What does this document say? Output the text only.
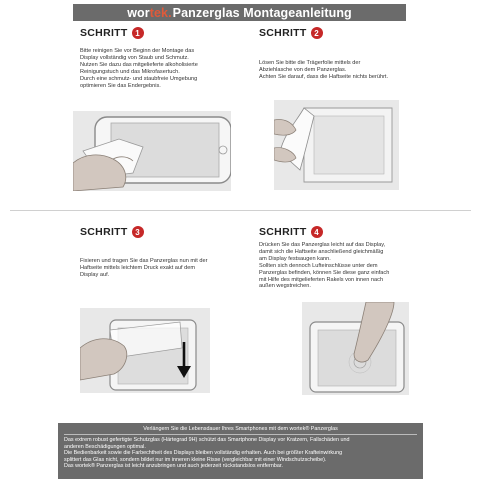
wor tek. Panzerglas Montageanleitung
SCHRITT 1
Bitte reinigen Sie vor Beginn der Montage das
Display vollständig von Staub und Schmutz.
Nutzen Sie dazu das mitgelieferte alkoholisierte
Reinigungstuch und das Mikrofasertuch.
Durch eine schmutz- und staubfreie Umgebung
optimieren Sie das Endergebnis.
SCHRITT 2
Lösen Sie bitte die Trägerfolie mittels der
Abziehlasche von dem Panzerglas.
Achten Sie darauf, dass die Haftseite nichts berührt.
SCHRITT 3
Fixieren und tragen Sie das Panzerglas nun mit der
Haftseite mittels leichtem Druck exakt auf dem
Display auf.
SCHRITT 4
Drücken Sie das Panzerglas leicht auf das Display,
damit sich die Haftseite anschließend gleichmäßig
am Display festsaugen kann.
Sollten sich dennoch Lufteinschlüsse unter dem
Panzerglas befinden, können Sie diese ganz einfach
mit Hilfe des mitgelieferten Rakels von innen nach
außen wegstreichen.
Verlängern Sie die Lebensdauer Ihres Smartphones mit dem wortek® Panzerglas
Das extrem robust gefertigte Schutzglas (Härtegrad 9H) schützt das Smartphone Display vor Kratzern, Fallschäden und
anderen Beschädigungen optimal.
Die Bedienbarkeit sowie die Farbechtheit des Displays bleiben vollständig erhalten. Auch bei größter Krafteinwirkung
splittert das Glas nicht, sondern bildet nur im inneren kleine Risse (vergleichbar mit einer Windschutzscheibe).
Das wortek® Panzerglas ist leicht anzubringen und auch jederzeit rückstandslos entfernbar.
